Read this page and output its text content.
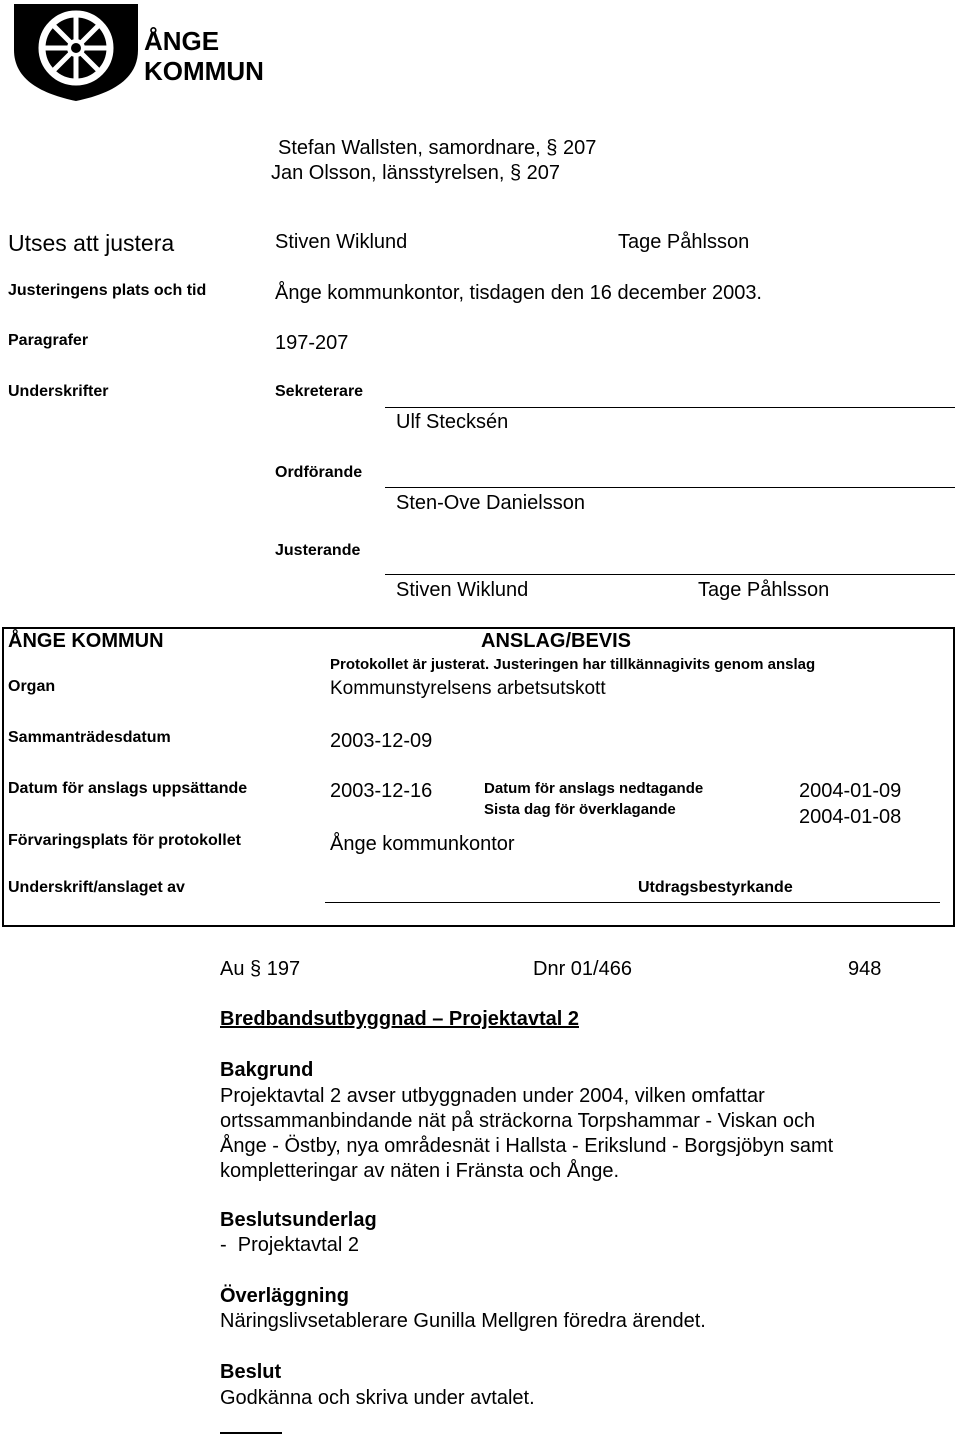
ÅNGE
KOMMUN
Stefan Wallsten, samordnare, § 207
Jan Olsson, länsstyrelsen, § 207
Utses att justera	Stiven Wiklund	Tage Påhlsson
Justeringens plats och tid	Ånge kommunkontor, tisdagen den 16 december 2003.
Paragrafer	197-207
Underskrifter	Sekreterare
Ulf Stecksén
Ordförande
Sten-Ove Danielsson
Justerande
Stiven Wiklund	Tage Påhlsson
ÅNGE KOMMUN	ANSLAG/BEVIS
Protokollet är justerat. Justeringen har tillkännagivits genom anslag
Organ	Kommunstyrelsens arbetsutskott
Sammanträdesdatum	2003-12-09
Datum för anslags uppsättande	2003-12-16	Datum för anslags nedtagande	2004-01-09
Sista dag för överklagande	2004-01-08
Förvaringsplats för protokollet	Ånge kommunkontor
Underskrift/anslaget av	Utdragsbestyrkande
Au § 197	Dnr 01/466	948
Bredbandsutbyggnad – Projektavtal 2
Bakgrund
Projektavtal 2 avser utbyggnaden under 2004, vilken omfattar
ortssammanbindande nät på sträckorna Torpshammar - Viskan och
Ånge - Östby, nya områdesnät i Hallsta - Erikslund - Borgsjöbyn samt
kompletteringar av näten i Fränsta och Ånge.
Beslutsunderlag
-  Projektavtal 2
Överläggning
Näringslivsetablerare Gunilla Mellgren föredra ärendet.
Beslut
Godkänna och skriva under avtalet.
